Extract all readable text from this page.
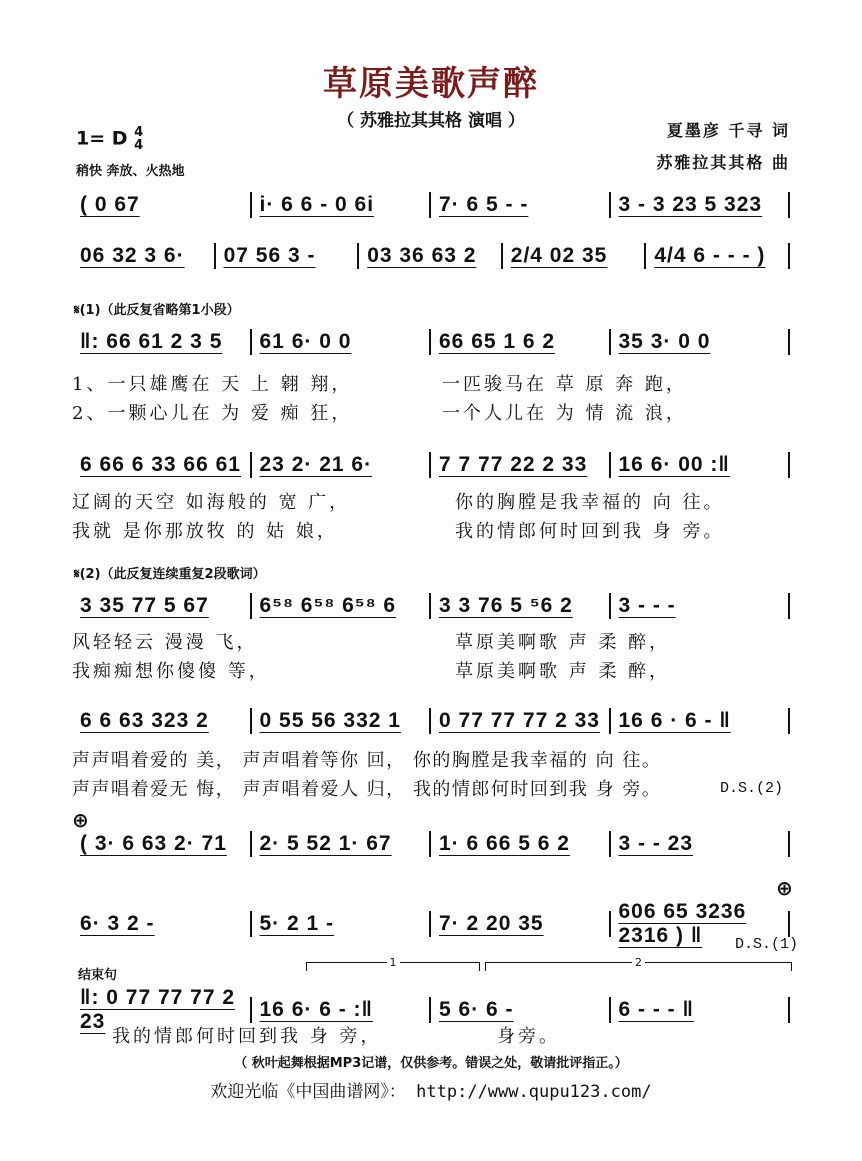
草原美歌声醉
（ 苏雅拉其其格 演唱 ）	夏墨彦 千寻 词
苏雅拉其其格 曲
1= D 4
4
稍快 奔放、火热地
( 0 67	i· 6 6 - 0 6i	7· 6 5 - -	3 - 3 23 5 323
06 32 3 6·	07 56 3 -	03 36 63 2	2/4 02 35	4/4 6 - - - )
‖: 66 61 2 3 5	61 6· 0 0	66 65 1 6 2	35 3· 0 0
6 66 6 33 66 61 23 2· 21 6·	7 7 77 22 2 33	16 6· 00 :‖
3 35 77 5 67	6⁵⁸ 6⁵⁸ 6⁵⁸ 6	3 3 76 5 ⁵6 2	3 - - -
6 6 63 323 2	0 55 56 332 1	0 77 77 77 2 33 16 6 · 6 - ‖
( 3· 6 63 2· 71	2· 5 52 1· 67	1· 6 66 5 6 2	3 - - 23
6· 3 2 -	5· 2 1 -	7· 2 20 35
606 65 3236 2316 ) ‖
‖: 0 77 77 77 2 23
16 6· 6 - :‖	5 6· 6 -	6 - - - ‖
𝄋(1)（此反复省略第1小段）
𝄋(2)（此反复连续重复2段歌词）
1、一只雄鹰在 天 上 翱 翔，	一匹骏马在 草 原 奔 跑，
2、一颗心儿在 为 爱 痴 狂，	一个人儿在 为 情 流 浪，
辽阔的天空 如海般的 宽 广，	你的胸膛是我幸福的 向 往。
我就 是你那放牧 的 姑 娘，	我的情郎何时回到我 身 旁。
风轻轻云 漫漫 飞，	草原美啊歌 声 柔 醉，
我痴痴想你傻傻 等，	草原美啊歌 声 柔 醉，
声声唱着爱的 美， 声声唱着等你 回， 你的胸膛是我幸福的 向 往。
声声唱着爱无 悔， 声声唱着爱人 归， 我的情郎何时回到我 身 旁。	D.S.(2)
⊕
⊕
D.S.(1)
结束句
1	2
我的情郎何时回到我 身 旁，	身旁。
（ 秋叶起舞根据MP3记谱，仅供参考。错误之处，敬请批评指正。）
欢迎光临《中国曲谱网》： http://www.qupu123.com/
